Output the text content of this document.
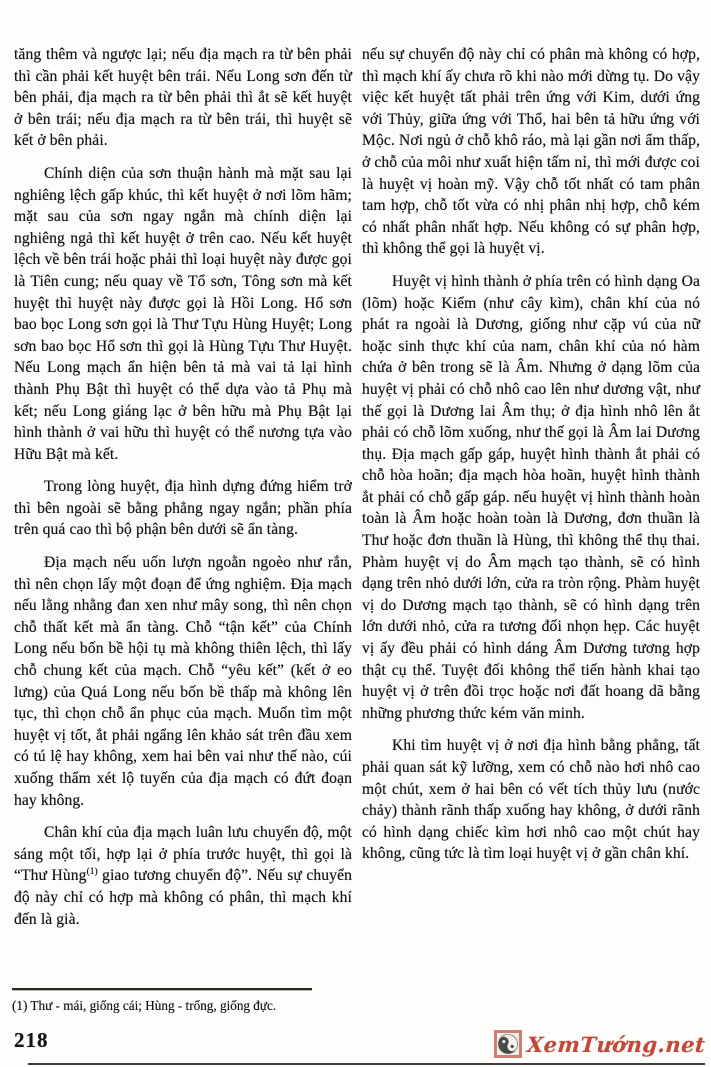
tăng thêm và ngược lại; nếu địa mạch ra từ bên phải thì cần phải kết huyệt bên trái. Nếu Long sơn đến từ bên phải, địa mạch ra từ bên phải thì ắt sẽ kết huyệt ở bên trái; nếu địa mạch ra từ bên trái, thì huyệt sẽ kết ở bên phải.

Chính diện của sơn thuận hành mà mặt sau lại nghiêng lệch gấp khúc, thì kết huyệt ở nơi lõm hãm; mặt sau của sơn ngay ngắn mà chính diện lại nghiêng ngả thì kết huyệt ở trên cao. Nếu kết huyệt lệch về bên trái hoặc phải thì loại huyệt này được gọi là Tiên cung; nếu quay về Tổ sơn, Tông sơn mà kết huyệt thì huyệt này được gọi là Hồi Long. Hổ sơn bao bọc Long sơn gọi là Thư Tựu Hùng Huyệt; Long sơn bao bọc Hổ sơn thì gọi là Hùng Tựu Thư Huyệt. Nếu Long mạch ẩn hiện bên tả mà vai tả lại hình thành Phụ Bật thì huyệt có thể dựa vào tả Phụ mà kết; nếu Long giáng lạc ở bên hữu mà Phụ Bật lại hình thành ở vai hữu thì huyệt có thể nương tựa vào Hữu Bật mà kết.

Trong lòng huyệt, địa hình dựng đứng hiểm trở thì bên ngoài sẽ bằng phẳng ngay ngắn; phần phía trên quá cao thì bộ phận bên dưới sẽ ẩn tàng.

Địa mạch nếu uốn lượn ngoằn ngoèo như rắn, thì nên chọn lấy một đoạn để ứng nghiệm. Địa mạch nếu lằng nhằng đan xen như mây song, thì nên chọn chỗ thất kết mà ẩn tàng. Chỗ “tận kết” của Chính Long nếu bốn bề hội tụ mà không thiên lệch, thì lấy chỗ chung kết của mạch. Chỗ “yêu kết” (kết ở eo lưng) của Quá Long nếu bốn bề thấp mà không lên tục, thì chọn chỗ ẩn phục của mạch. Muốn tìm một huyệt vị tốt, ắt phải ngẩng lên khảo sát trên đầu xem có tú lệ hay không, xem hai bên vai như thế nào, cúi xuống thẩm xét lộ tuyến của địa mạch có đứt đoạn hay không.

Chân khí của địa mạch luân lưu chuyển độ, một sáng một tối, hợp lại ở phía trước huyệt, thì gọi là “Thư Hùng$^{(1)}$ giao tương chuyển độ”. Nếu sự chuyển độ này chỉ có hợp mà không có phân, thì mạch khí đến là già.

nếu sự chuyển độ này chỉ có phân mà không có hợp, thì mạch khí ấy chưa rõ khi nào mới dừng tụ. Do vậy việc kết huyệt tất phải trên ứng với Kim, dưới ứng với Thủy, giữa ứng với Thổ, hai bên tả hữu ứng với Mộc. Nơi ngủ ở chỗ khô ráo, mà lại gần nơi ẩm thấp, ở chỗ của môi như xuất hiện tấm nỉ, thì mới được coi là huyệt vị hoàn mỹ. Vậy chỗ tốt nhất có tam phân tam hợp, chỗ tốt vừa có nhị phân nhị hợp, chỗ kém có nhất phân nhất hợp. Nếu không có sự phân hợp, thì không thể gọi là huyệt vị.

Huyệt vị hình thành ở phía trên có hình dạng Oa (lõm) hoặc Kiểm (như cây kìm), chân khí của nó phát ra ngoài là Dương, giống như cặp vú của nữ hoặc sinh thực khí của nam, chân khí của nó hàm chứa ở bên trong sẽ là Âm. Nhưng ở dạng lõm của huyệt vị phải có chỗ nhô cao lên như dương vật, như thế gọi là Dương lai Âm thụ; ở địa hình nhô lên ắt phải có chỗ lõm xuống, như thế gọi là Âm lai Dương thụ. Địa mạch gấp gáp, huyệt hình thành ắt phải có chỗ hòa hoãn; địa mạch hòa hoãn, huyệt hình thành ắt phải có chỗ gấp gáp. nếu huyệt vị hình thành hoàn toàn là Âm hoặc hoàn toàn là Dương, đơn thuần là Thư hoặc đơn thuần là Hùng, thì không thể thụ thai. Phàm huyệt vị do Âm mạch tạo thành, sẽ có hình dạng trên nhỏ dưới lớn, cửa ra tròn rộng. Phàm huyệt vị do Dương mạch tạo thành, sẽ có hình dạng trên lớn dưới nhỏ, cửa ra tương đối nhọn hẹp. Các huyệt vị ấy đều phải có hình dáng Âm Dương tương hợp thật cụ thể. Tuyệt đối không thể tiến hành khai tạo huyệt vị ở trên đồi trọc hoặc nơi đất hoang dã bằng những phương thức kém văn minh.

Khi tìm huyệt vị ở nơi địa hình bằng phẳng, tất phải quan sát kỹ lưỡng, xem có chỗ nào hơi nhô cao một chút, xem ở hai bên có vết tích thủy lưu (nước chảy) thành rãnh thấp xuống hay không, ở dưới rãnh có hình dạng chiếc kìm hơi nhô cao một chút hay không, cũng tức là tìm loại huyệt vị ở gần chân khí.

(1) Thư - mái, giống cái; Hùng - trống, giống đực.

218	XemTướng.net
